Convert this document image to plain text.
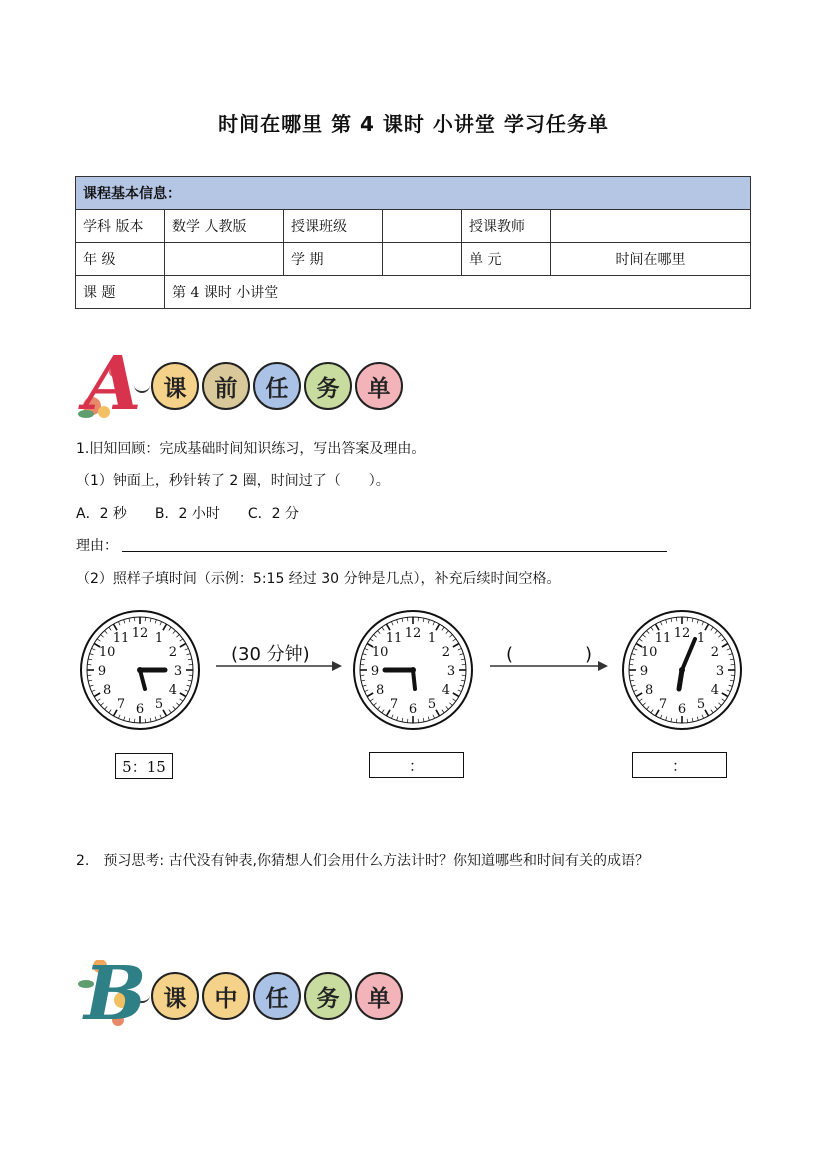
时间在哪里 第 4 课时 小讲堂 学习任务单
课程基本信息：					
学科 版本	数学 人教版	授课班级		授课教师	
年 级		学 期		单 元	时间在哪里
课 题	第 4 课时 小讲堂				
A 课	前	任	务	单
1.旧知回顾：完成基础时间知识练习，写出答案及理由。
（1）钟面上，秒针转了 2 圈，时间过了（　　）。
A．2 秒　　B．2 小时　　C．2 分
理由：
（2）照样子填时间（示例：5:15 经过 30 分钟是几点），补充后续时间空格。
12 1
2
3
4
5
6
7
8
9
10
11
(30 分钟)
12 1
2
3
4
5
6
7
8
9
10
11
(　　　　)
12 1
2
3
4
5
6
7
8
9
10
11
5：15	：	：
2.　预习思考: 古代没有钟表,你猜想人们会用什么方法计时？你知道哪些和时间有关的成语？
B 课	中	任	务	单
